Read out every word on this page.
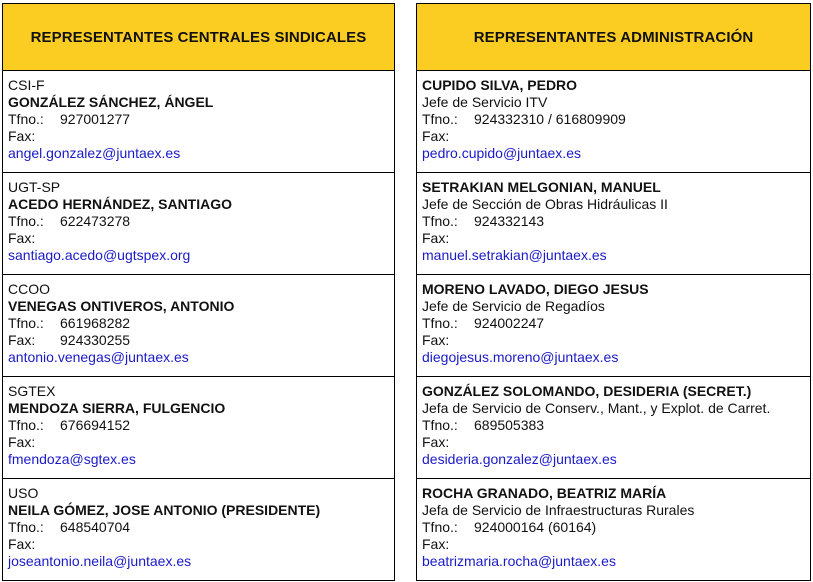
REPRESENTANTES CENTRALES SINDICALES
CSI-F
GONZÁLEZ SÁNCHEZ, ÁNGEL
Tfno.: 927001277
Fax:
angel.gonzalez@juntaex.es
UGT-SP
ACEDO HERNÁNDEZ, SANTIAGO
Tfno.: 622473278
Fax:
santiago.acedo@ugtspex.org
CCOO
VENEGAS ONTIVEROS, ANTONIO
Tfno.: 661968282
Fax: 924330255
antonio.venegas@juntaex.es
SGTEX
MENDOZA SIERRA, FULGENCIO
Tfno.: 676694152
Fax:
fmendoza@sgtex.es
USO
NEILA GÓMEZ, JOSE ANTONIO (PRESIDENTE)
Tfno.: 648540704
Fax:
joseantonio.neila@juntaex.es
REPRESENTANTES ADMINISTRACIÓN
CUPIDO SILVA, PEDRO
Jefe de Servicio ITV
Tfno.: 924332310 / 616809909
Fax:
pedro.cupido@juntaex.es
SETRAKIAN MELGONIAN, MANUEL
Jefe de Sección de Obras Hidráulicas II
Tfno.: 924332143
Fax:
manuel.setrakian@juntaex.es
MORENO LAVADO, DIEGO JESUS
Jefe de Servicio de Regadíos
Tfno.: 924002247
Fax:
diegojesus.moreno@juntaex.es
GONZÁLEZ SOLOMANDO, DESIDERIA (SECRET.)
Jefa de Servicio de Conserv., Mant., y Explot. de Carret.
Tfno.: 689505383
Fax:
desideria.gonzalez@juntaex.es
ROCHA GRANADO, BEATRIZ MARÍA
Jefa de Servicio de Infraestructuras Rurales
Tfno.: 924000164 (60164)
Fax:
beatrizmaria.rocha@juntaex.es
